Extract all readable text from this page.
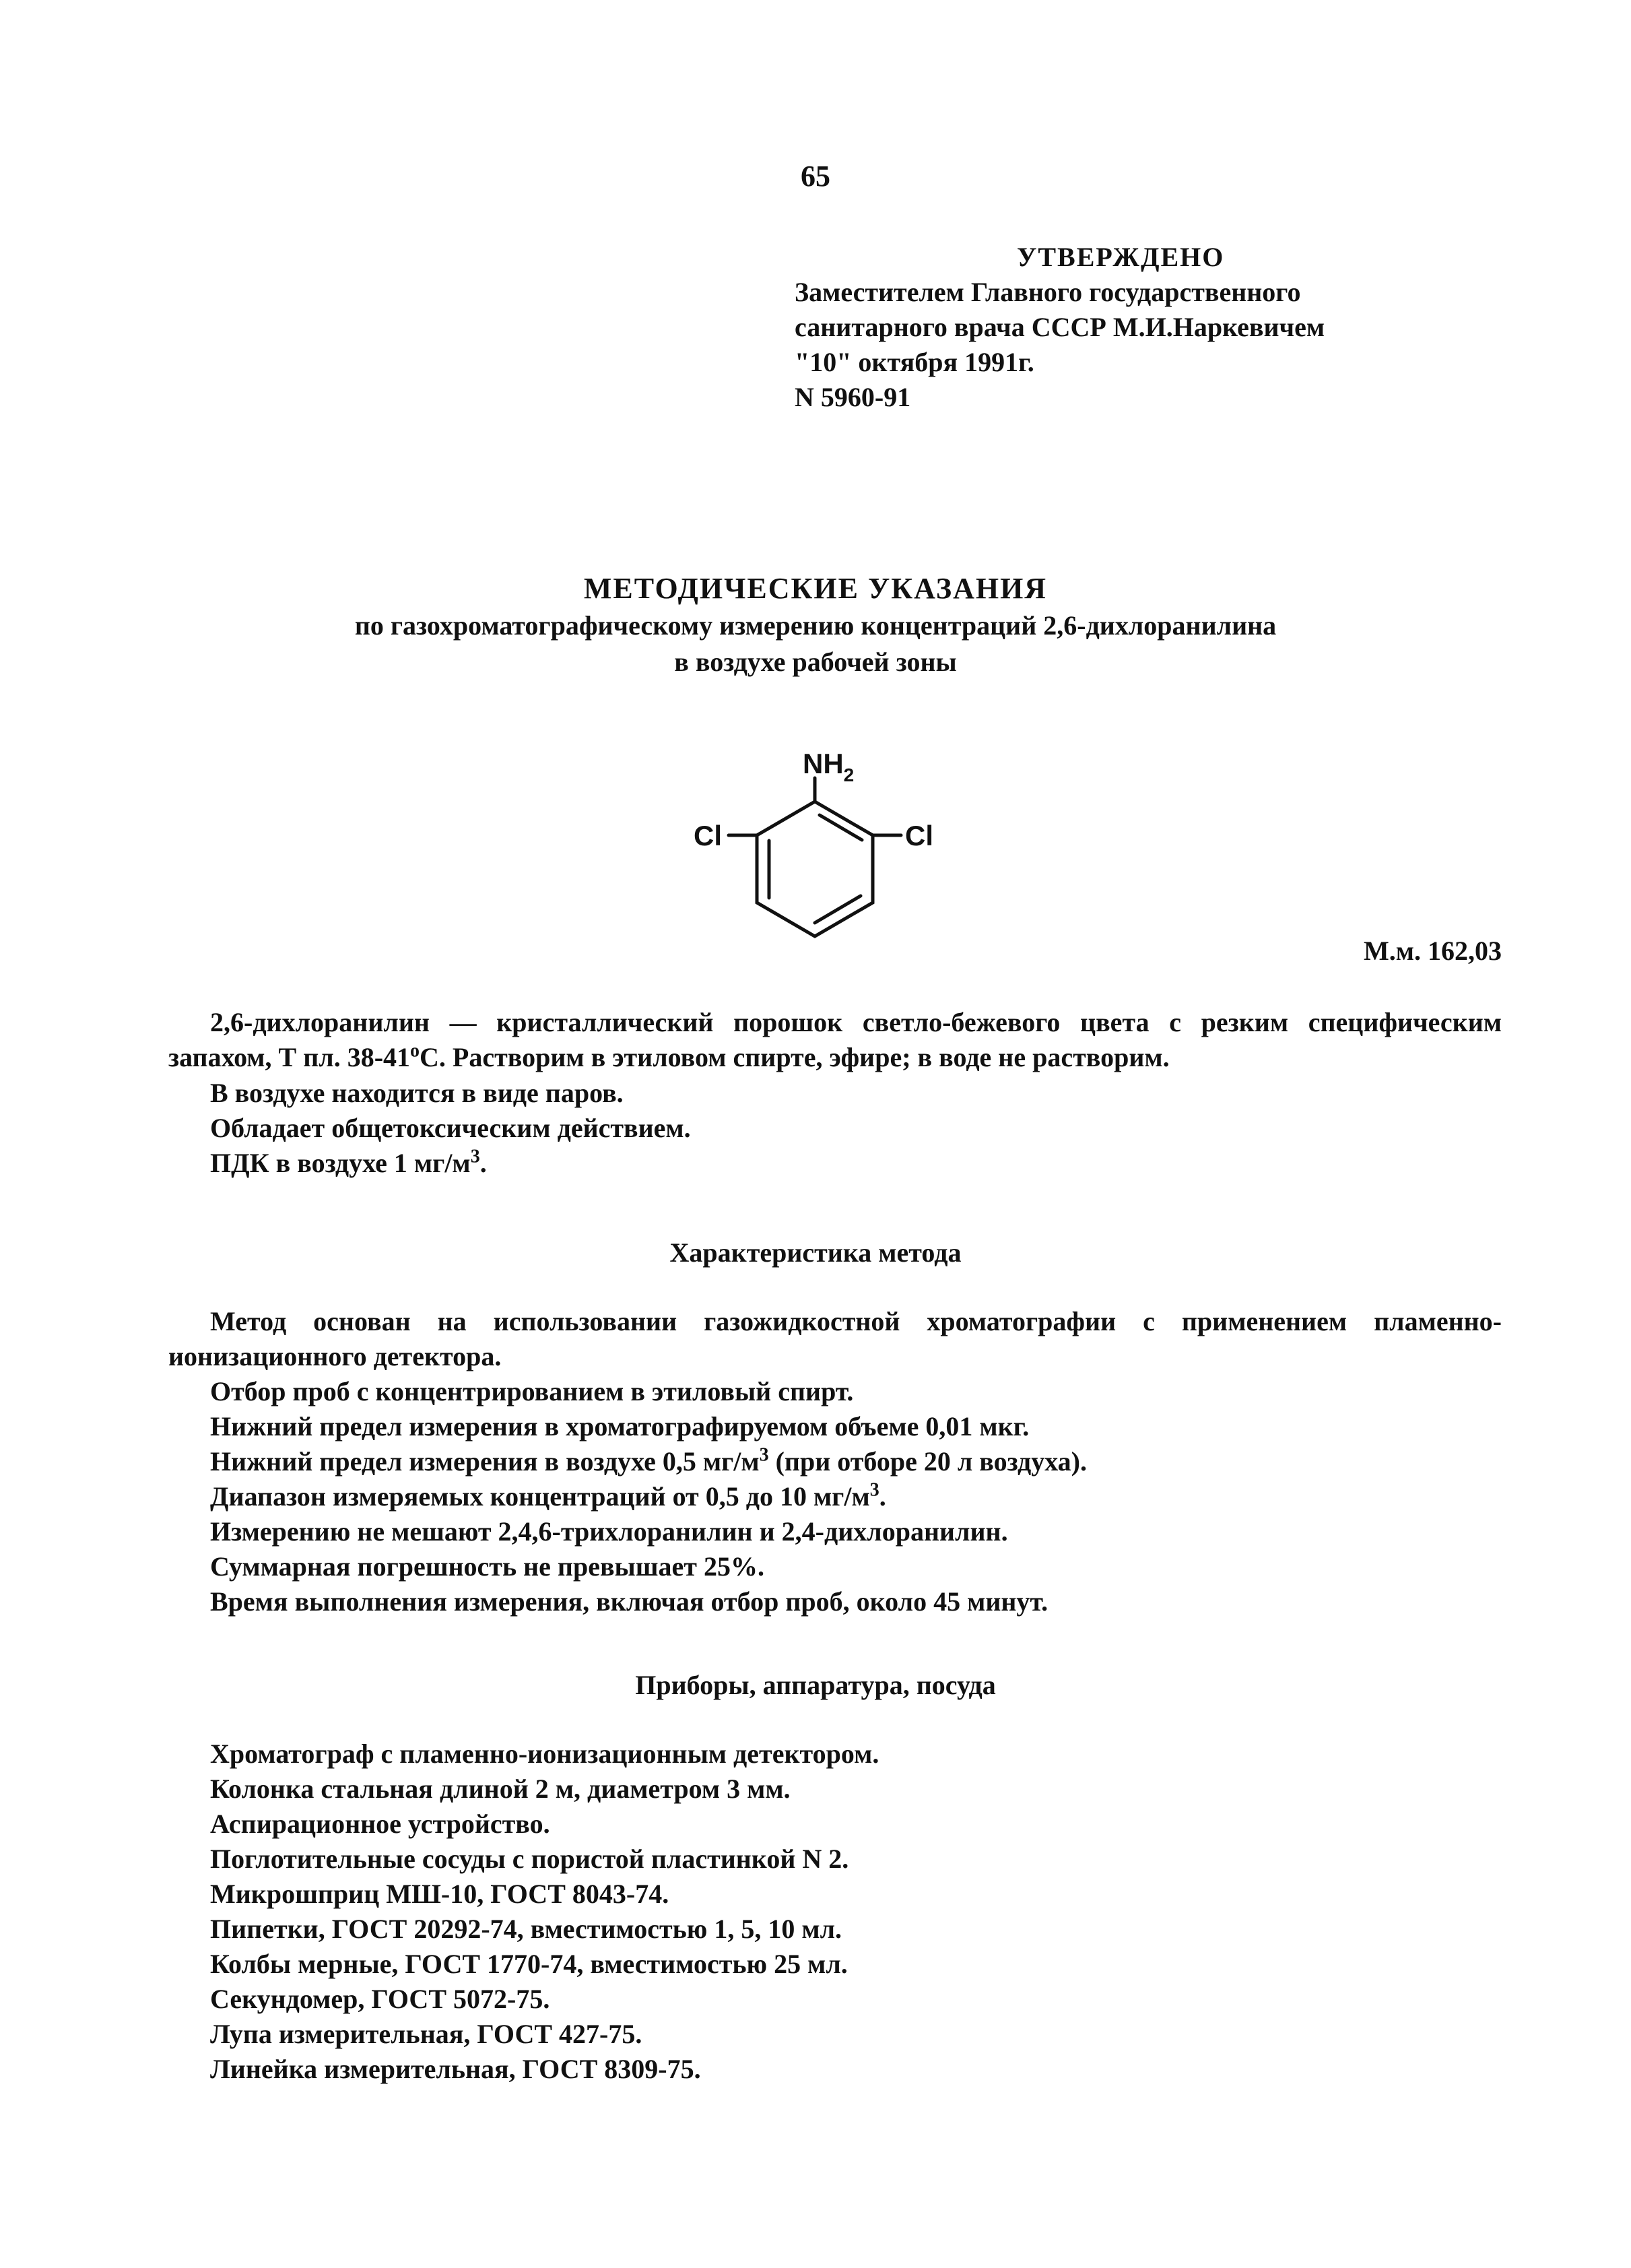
65
УТВЕРЖДЕНО
Заместителем Главного государственного
санитарного врача СССР М.И.Наркевичем
"10" октября 1991г.
N 5960-91
МЕТОДИЧЕСКИЕ УКАЗАНИЯ
по газохроматографическому измерению концентраций 2,6-дихлоранилина
в воздухе рабочей зоны
$NH_2$
Cl	Cl
М.м. 162,03

2,6-дихлоранилин — кристаллический порошок светло-бежевого цвета с резким специфическим запахом, Т пл. $38-41^оС$. Растворим в этиловом спирте, эфире; в воде не растворим.

В воздухе находится в виде паров.
Обладает общетоксическим действием.
ПДК в воздухе 1 $мг/м^3$.
Характеристика метода

Метод основан на использовании газожидкостной хроматографии с применением пламенно-ионизационного детектора.

Отбор проб с концентрированием в этиловый спирт.
Нижний предел измерения в хроматографируемом объеме 0,01 мкг.
Нижний предел измерения в воздухе 0,5 $мг/м^3$ (при отборе 20 л воздуха).
Диапазон измеряемых концентраций от 0,5 до 10 $мг/м^3$.
Измерению не мешают 2,4,6-трихлоранилин и 2,4-дихлоранилин.
Суммарная погрешность не превышает 25%.
Время выполнения измерения, включая отбор проб, около 45 минут.
Приборы, аппаратура, посуда
Хроматограф с пламенно-ионизационным детектором.
Колонка стальная длиной 2 м, диаметром 3 мм.
Аспирационное устройство.
Поглотительные сосуды с пористой пластинкой N 2.
Микрошприц МШ-10, ГОСТ 8043-74.
Пипетки, ГОСТ 20292-74, вместимостью 1, 5, 10 мл.
Колбы мерные, ГОСТ 1770-74, вместимостью 25 мл.
Секундомер, ГОСТ 5072-75.
Лупа измерительная, ГОСТ 427-75.
Линейка измерительная, ГОСТ 8309-75.
